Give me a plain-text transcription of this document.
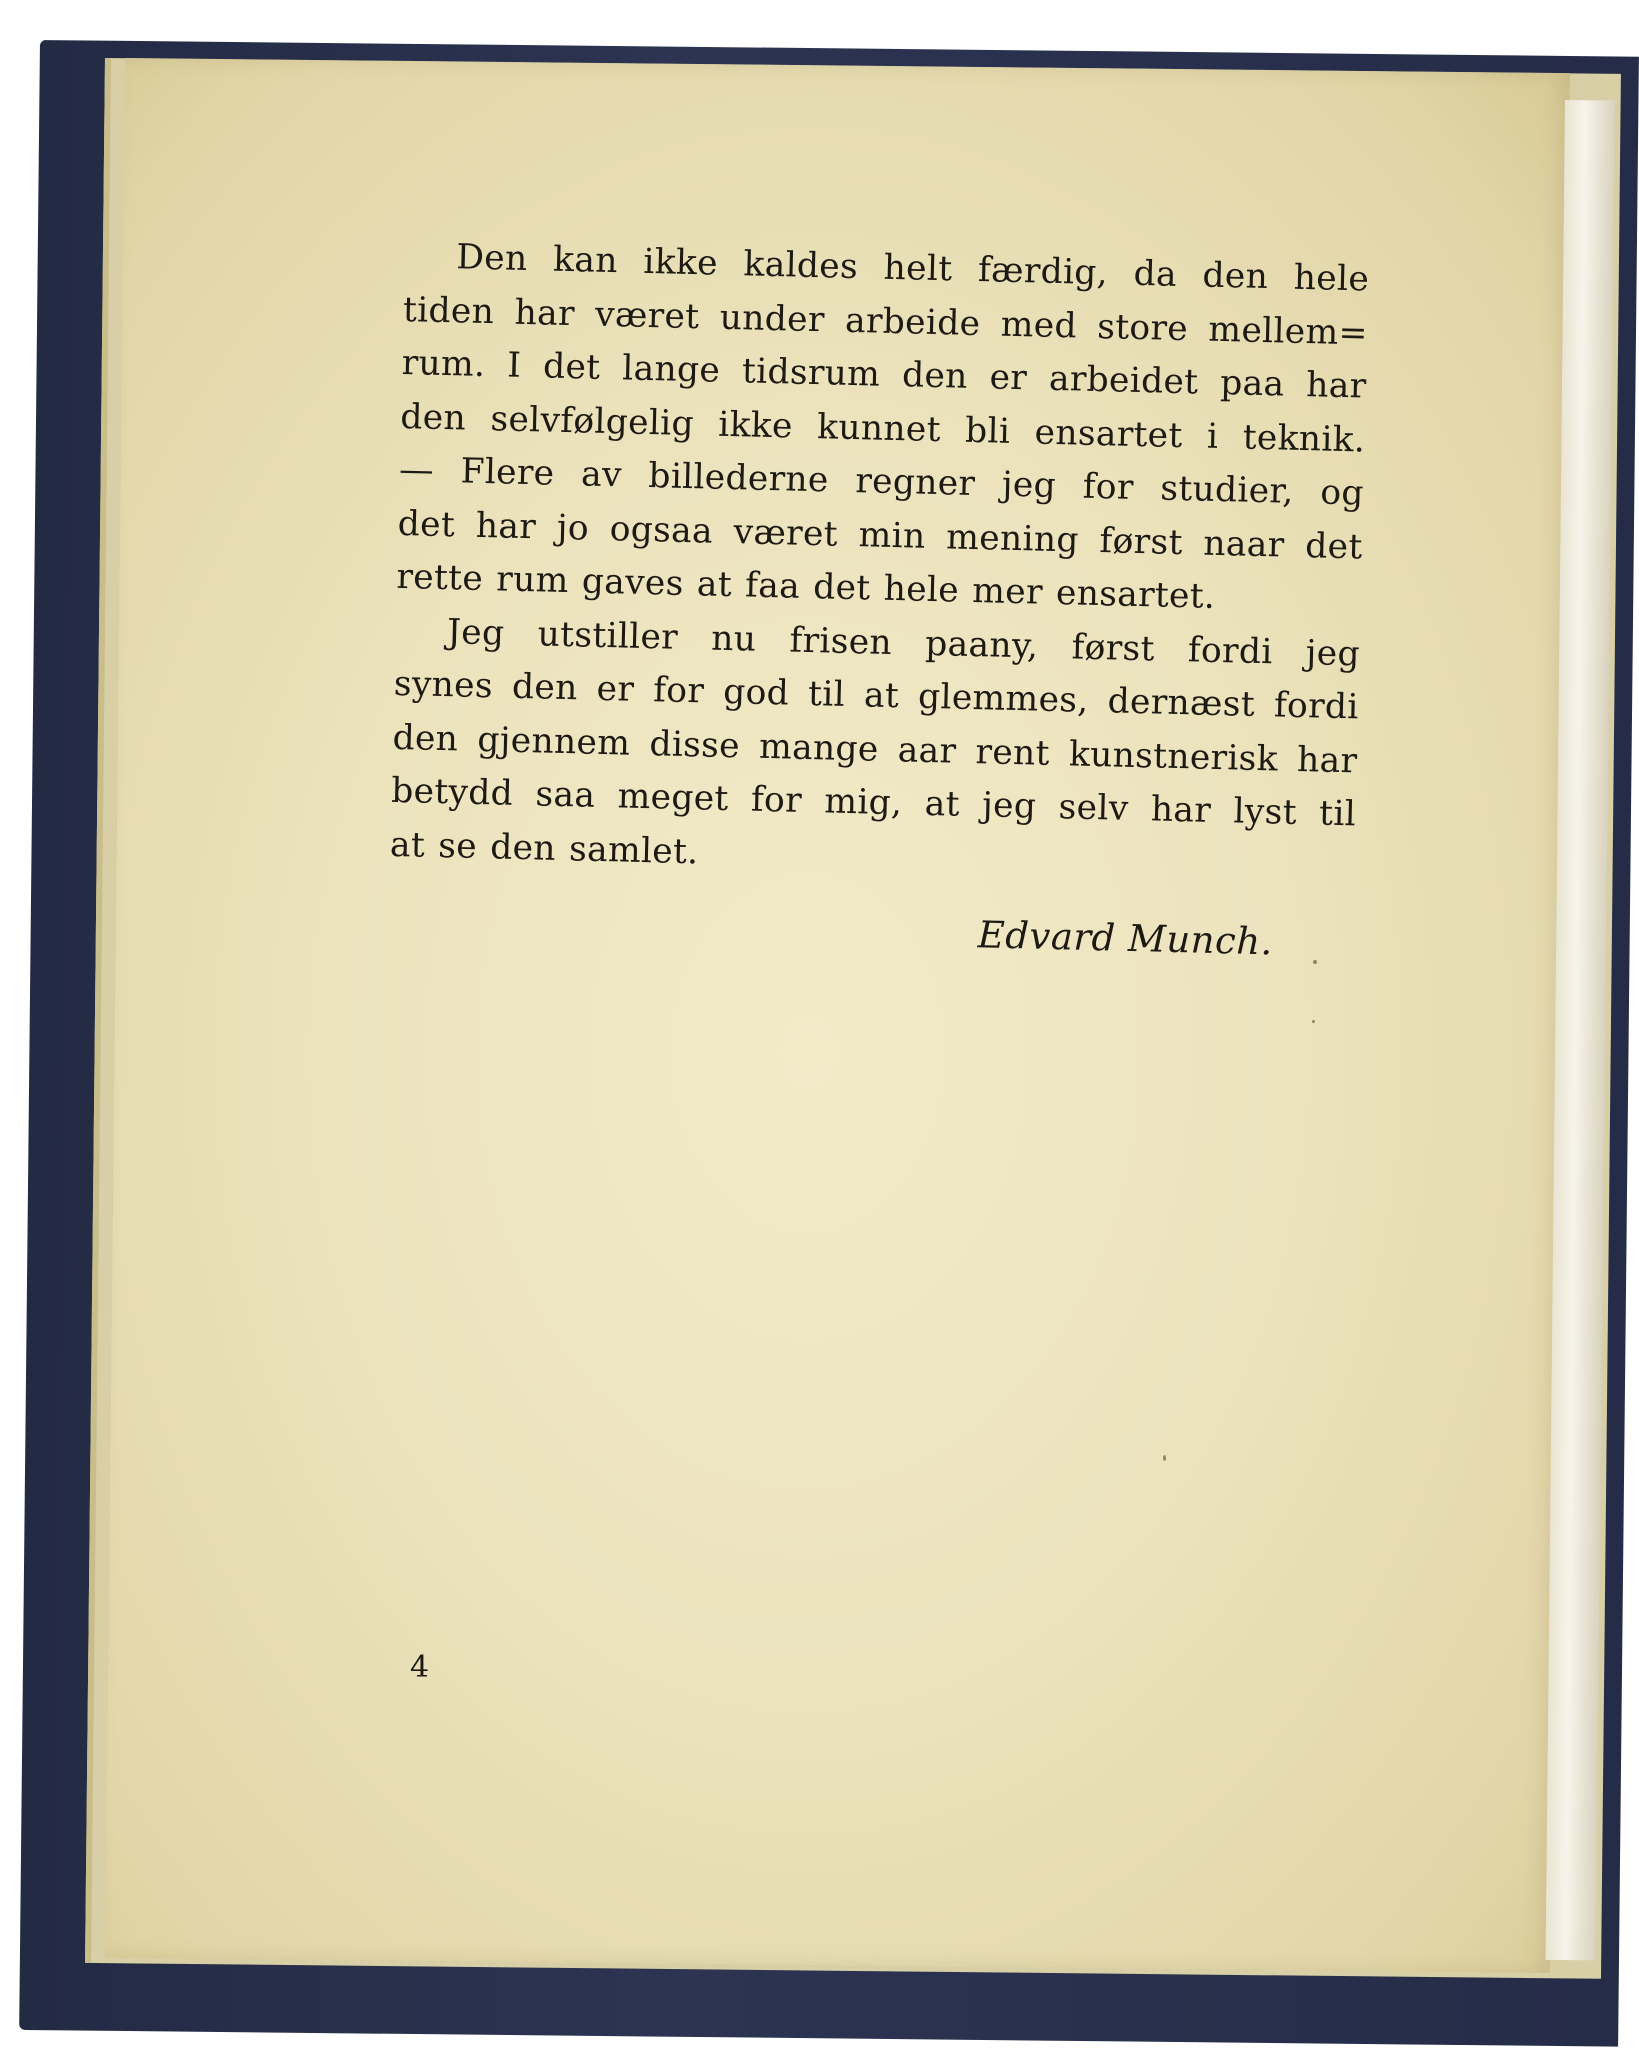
Den kan ikke kaldes helt færdig, da den hele

tiden har været under arbeide med store mellem=

rum. I det lange tidsrum den er arbeidet paa har

den selvfølgelig ikke kunnet bli ensartet i teknik.

— Flere av billederne regner jeg for studier, og

det har jo ogsaa været min mening først naar det

rette rum gaves at faa det hele mer ensartet.

Jeg utstiller nu frisen paany, først fordi jeg

synes den er for god til at glemmes, dernæst fordi

den gjennem disse mange aar rent kunstnerisk har

betydd saa meget for mig, at jeg selv har lyst til

at se den samlet.

Edvard Munch.
4
